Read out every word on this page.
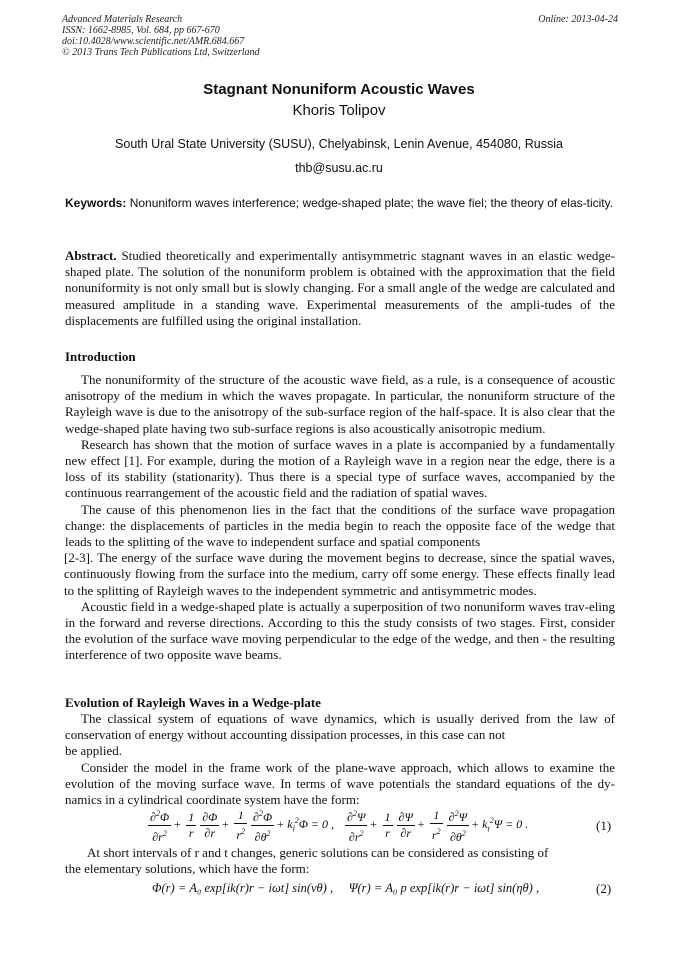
Advanced Materials Research
ISSN: 1662-8985, Vol. 684, pp 667-670
doi:10.4028/www.scientific.net/AMR.684.667
© 2013 Trans Tech Publications Ltd, Switzerland
Online: 2013-04-24
Stagnant Nonuniform Acoustic Waves
Khoris Tolipov
South Ural State University (SUSU), Chelyabinsk, Lenin Avenue, 454080, Russia
thb@susu.ac.ru
Keywords: Nonuniform waves interference; wedge-shaped plate; the wave fiel; the theory of elas-ticity.
Abstract. Studied theoretically and experimentally antisymmetric stagnant waves in an elastic wedge-shaped plate. The solution of the nonuniform problem is obtained with the approximation that the field nonuniformity is not only small but is slowly changing. For a small angle of the wedge are calculated and measured amplitude in a standing wave. Experimental measurements of the ampli-tudes of the displacements are fulfilled using the original installation.
Introduction

The nonuniformity of the structure of the acoustic wave field, as a rule, is a consequence of acoustic anisotropy of the medium in which the waves propagate. In particular, the nonuniform structure of the Rayleigh wave is due to the anisotropy of the sub-surface region of the half-space. It is also clear that the wedge-shaped plate having two sub-surface regions is also acoustically anisotropic medium.

Research has shown that the motion of surface waves in a plate is accompanied by a fundamentally new effect [1]. For example, during the motion of a Rayleigh wave in a region near the edge, there is a loss of its stability (stationarity). Thus there is a special type of surface waves, accompanied by the continuous rearrangement of the acoustic field and the radiation of spatial waves.

The cause of this phenomenon lies in the fact that the conditions of the surface wave propagation change: the displacements of particles in the media begin to reach the opposite face of the wedge that leads to the splitting of the wave to independent surface and spatial components

[2-3]. The energy of the surface wave during the movement begins to decrease, since the spatial waves, continuously flowing from the surface into the medium, carry off some energy. These effects finally lead to the splitting of Rayleigh waves to the independent symmetric and antisymmetric modes.

Acoustic field in a wedge-shaped plate is actually a superposition of two nonuniform waves trav-eling in the forward and reverse directions. According to this the study consists of two stages. First, consider the evolution of the surface wave moving perpendicular to the edge of the wedge, and then - the resulting interference of two opposite wave beams.

Evolution of Rayleigh Waves in a Wedge-plate

The classical system of equations of wave dynamics, which is usually derived from the law of conservation of energy without accounting dissipation processes, in this case can not

be applied.

Consider the model in the frame work of the plane-wave approach, which allows to examine the evolution of the moving surface wave. In terms of wave potentials the standard equations of the dy-namics in a cylindrical coordinate system have the form:

$\frac{\partial^2\Phi}{\partial r^2} + \frac{1}{r} \frac{\partial\Phi}{\partial r} + \frac{1}{r^2} \frac{\partial^2\Phi}{\partial\theta^2} + k_l^2\Phi = 0$ , $\frac{\partial^2\Psi}{\partial r^2} + \frac{1}{r} \frac{\partial\Psi}{\partial r} + \frac{1}{r^2} \frac{\partial^2\Psi}{\partial\theta^2} + k_t^2\Psi = 0$ .	(1)

At short intervals of r and t changes, generic solutions can be considered as consisting of

the elementary solutions, which have the form:

Φ(r) = A₀ exp[ik(r)r − iωt] sin(νθ) , Ψ(r) = A₀ p exp[ik(r)r − iωt] sin(ηθ) ,	(2)
